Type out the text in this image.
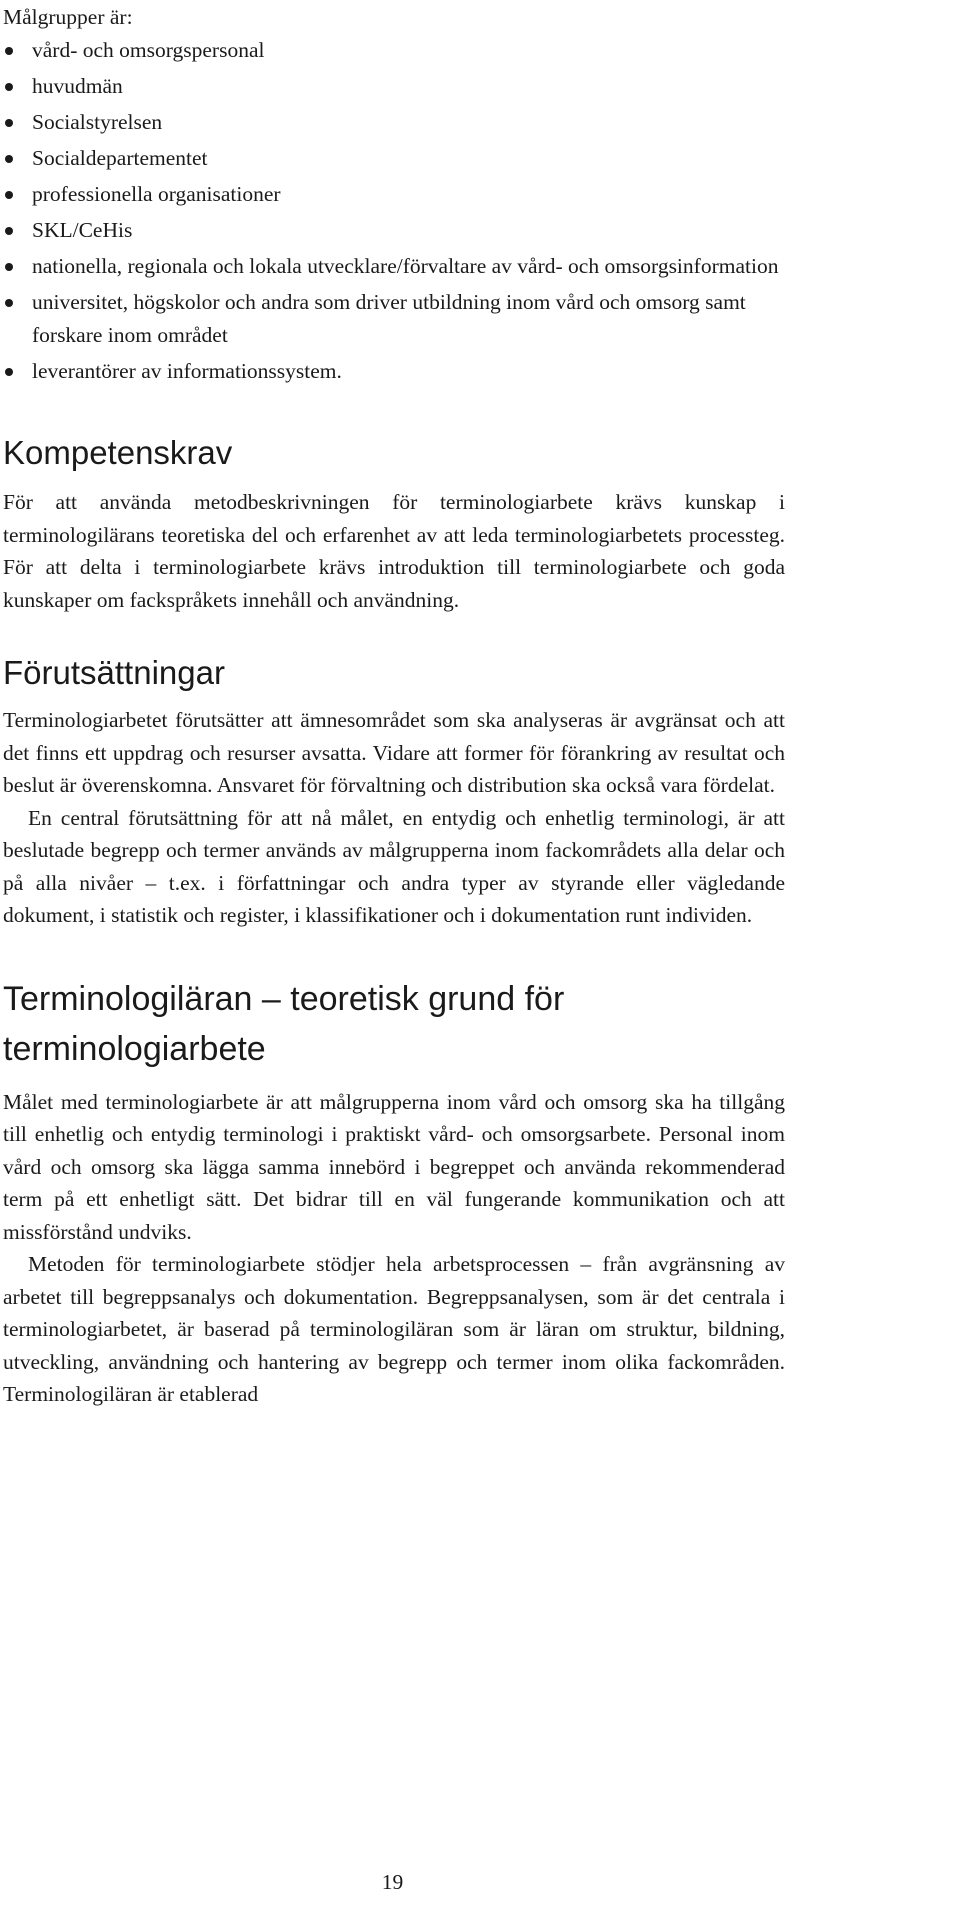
Målgrupper är:

vård- och omsorgspersonal
huvudmän
Socialstyrelsen
Socialdepartementet
professionella organisationer
SKL/CeHis
nationella, regionala och lokala utvecklare/förvaltare av vård- och omsorgsinformation
universitet, högskolor och andra som driver utbildning inom vård och omsorg samt forskare inom området
leverantörer av informationssystem.
Kompetenskrav

För att använda metodbeskrivningen för terminologiarbete krävs kunskap i terminologilärans teoretiska del och erfarenhet av att leda terminologiarbetets processteg. För att delta i terminologiarbete krävs introduktion till terminologiarbete och goda kunskaper om fackspråkets innehåll och användning.

Förutsättningar

Terminologiarbetet förutsätter att ämnesområdet som ska analyseras är avgränsat och att det finns ett uppdrag och resurser avsatta. Vidare att former för förankring av resultat och beslut är överenskomna. Ansvaret för förvaltning och distribution ska också vara fördelat.

En central förutsättning för att nå målet, en entydig och enhetlig terminologi, är att beslutade begrepp och termer används av målgrupperna inom fackområdets alla delar och på alla nivåer – t.ex. i författningar och andra typer av styrande eller vägledande dokument, i statistik och register, i klassifikationer och i dokumentation runt individen.

Terminologiläran – teoretisk grund för terminologiarbete

Målet med terminologiarbete är att målgrupperna inom vård och omsorg ska ha tillgång till enhetlig och entydig terminologi i praktiskt vård- och omsorgsarbete. Personal inom vård och omsorg ska lägga samma innebörd i begreppet och använda rekommenderad term på ett enhetligt sätt. Det bidrar till en väl fungerande kommunikation och att missförstånd undviks.

Metoden för terminologiarbete stödjer hela arbetsprocessen – från avgränsning av arbetet till begreppsanalys och dokumentation. Begreppsanalysen, som är det centrala i terminologiarbetet, är baserad på terminologiläran som är läran om struktur, bildning, utveckling, användning och hantering av begrepp och termer inom olika fackområden. Terminologiläran är etablerad

19
